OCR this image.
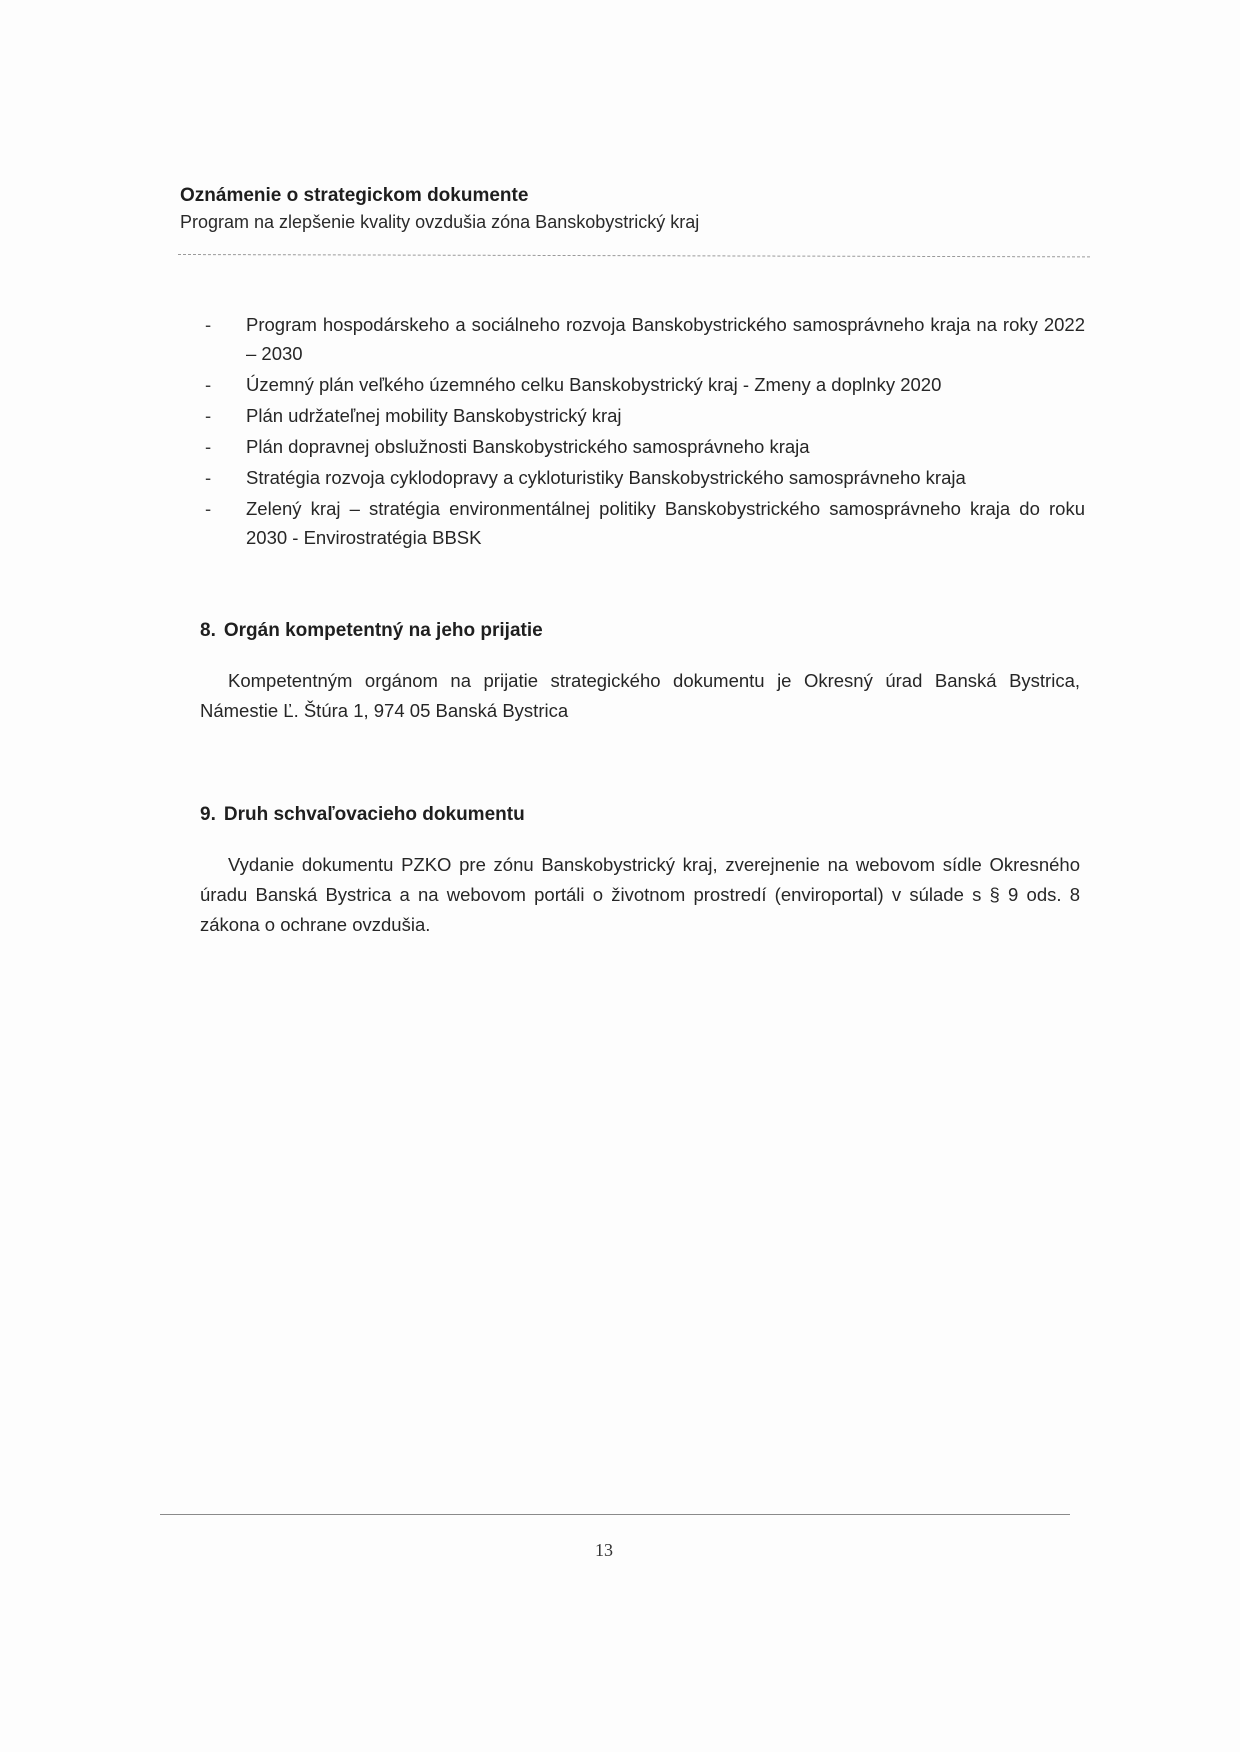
Oznámenie o strategickom dokumente
Program na zlepšenie kvality ovzdušia zóna Banskobystrický kraj
- Program hospodárskeho a sociálneho rozvoja Banskobystrického samosprávneho kraja na roky 2022 – 2030
- Územný plán veľkého územného celku Banskobystrický kraj - Zmeny a doplnky 2020
- Plán udržateľnej mobility Banskobystrický kraj
- Plán dopravnej obslužnosti Banskobystrického samosprávneho kraja
- Stratégia rozvoja cyklodopravy a cykloturistiky Banskobystrického samosprávneho kraja
- Zelený kraj – stratégia environmentálnej politiky Banskobystrického samosprávneho kraja do roku 2030 - Envirostratégia BBSK
8. Orgán kompetentný na jeho prijatie
Kompetentným orgánom na prijatie strategického dokumentu je Okresný úrad Banská Bystrica, Námestie Ľ. Štúra 1, 974 05 Banská Bystrica
9. Druh schvaľovacieho dokumentu
Vydanie dokumentu PZKO pre zónu Banskobystrický kraj, zverejnenie na webovom sídle Okresného úradu Banská Bystrica a na webovom portáli o životnom prostredí (enviroportal) v súlade s § 9 ods. 8 zákona o ochrane ovzdušia.
13
